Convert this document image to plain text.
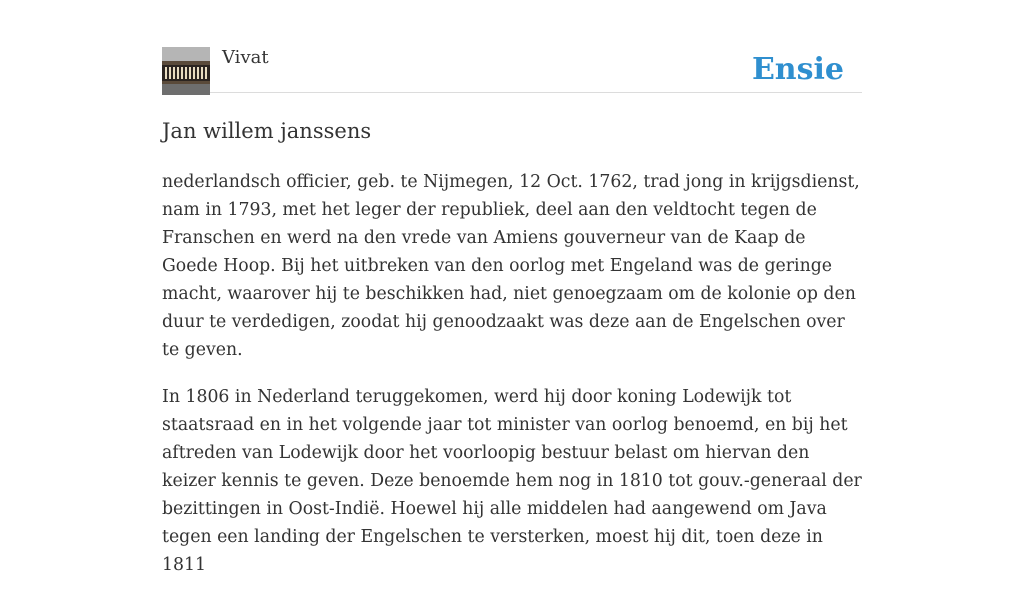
Vivat	Ensie
Jan willem janssens

nederlandsch officier, geb. te Nijmegen, 12 Oct. 1762, trad jong in krijgsdienst, nam in 1793, met het leger der republiek, deel aan den veldtocht tegen de Franschen en werd na den vrede van Amiens gouverneur van de Kaap de Goede Hoop. Bij het uitbreken van den oorlog met Engeland was de geringe macht, waarover hij te beschikken had, niet genoegzaam om de kolonie op den duur te verdedigen, zoodat hij genoodzaakt was deze aan de Engelschen over te geven.

In 1806 in Nederland teruggekomen, werd hij door koning Lodewijk tot staatsraad en in het volgende jaar tot minister van oorlog benoemd, en bij het aftreden van Lodewijk door het voorloopig bestuur belast om hiervan den keizer kennis te geven. Deze benoemde hem nog in 1810 tot gouv.-generaal der bezittingen in Oost-Indië. Hoewel hij alle middelen had aangewend om Java tegen een landing der Engelschen te versterken, moest hij dit, toen deze in 1811
